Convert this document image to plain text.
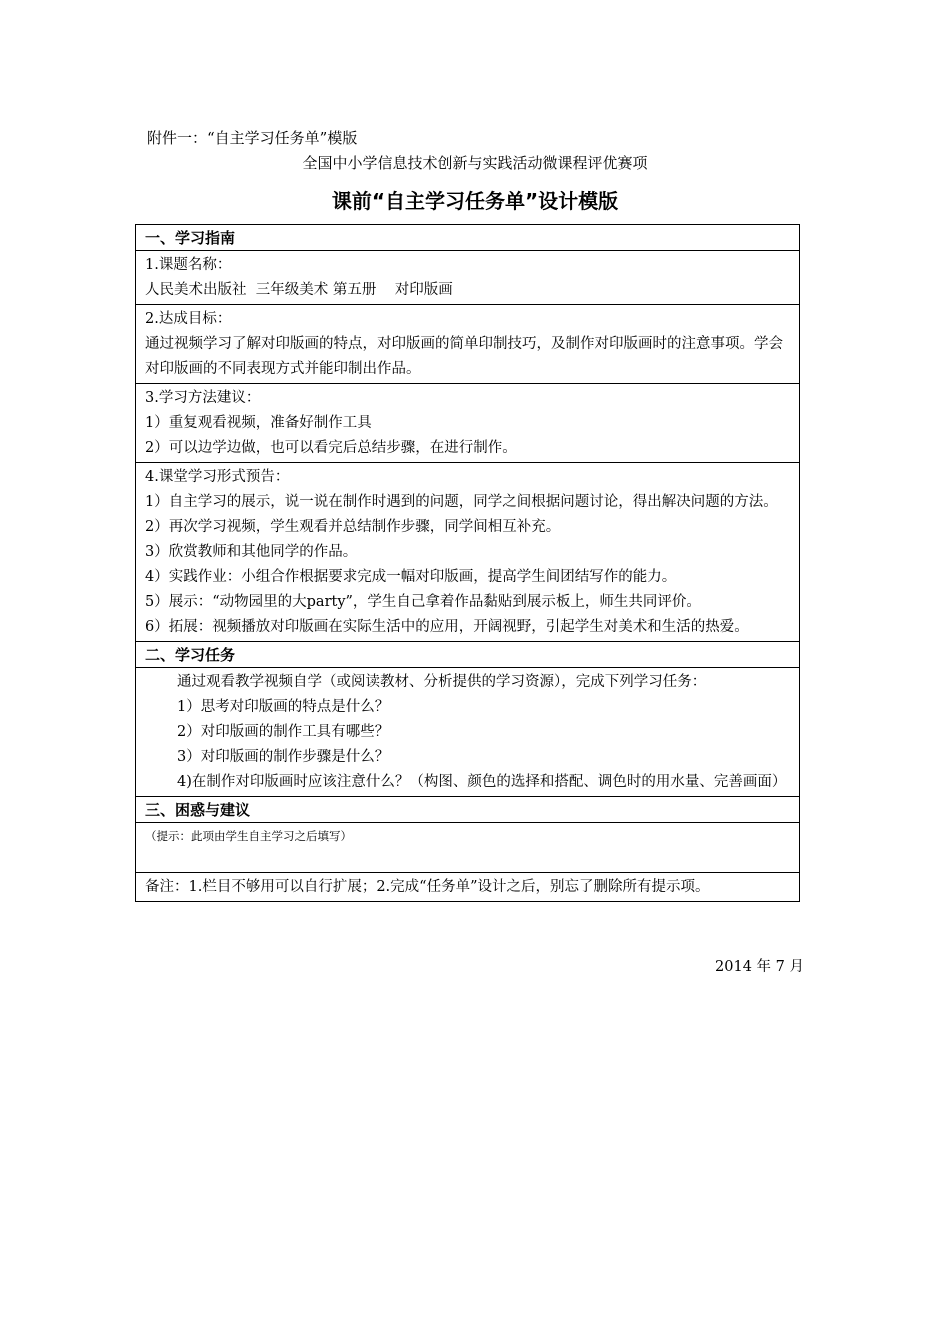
附件一：“自主学习任务单”模版
全国中小学信息技术创新与实践活动微课程评优赛项
课前“自主学习任务单”设计模版
一、学习指南
1.课题名称：
人民美术出版社  三年级美术 第五册    对印版画
2.达成目标：
通过视频学习了解对印版画的特点，对印版画的简单印制技巧，及制作对印版画时的注意事项。学会对印版画的不同表现方式并能印制出作品。
3.学习方法建议：
1）重复观看视频，准备好制作工具
2）可以边学边做，也可以看完后总结步骤，在进行制作。
4.课堂学习形式预告：
1）自主学习的展示，说一说在制作时遇到的问题，同学之间根据问题讨论，得出解决问题的方法。
2）再次学习视频，学生观看并总结制作步骤，同学间相互补充。
3）欣赏教师和其他同学的作品。
4）实践作业：小组合作根据要求完成一幅对印版画，提高学生间团结写作的能力。
5）展示：“动物园里的大party”，学生自己拿着作品黏贴到展示板上，师生共同评价。
6）拓展：视频播放对印版画在实际生活中的应用，开阔视野，引起学生对美术和生活的热爱。
二、学习任务
通过观看教学视频自学（或阅读教材、分析提供的学习资源），完成下列学习任务：
1）思考对印版画的特点是什么？
2）对印版画的制作工具有哪些？
3）对印版画的制作步骤是什么？
4)在制作对印版画时应该注意什么？（构图、颜色的选择和搭配、调色时的用水量、完善画面）
三、困惑与建议
（提示：此项由学生自主学习之后填写）
备注：1.栏目不够用可以自行扩展；2.完成“任务单”设计之后，别忘了删除所有提示项。
2014 年 7 月
